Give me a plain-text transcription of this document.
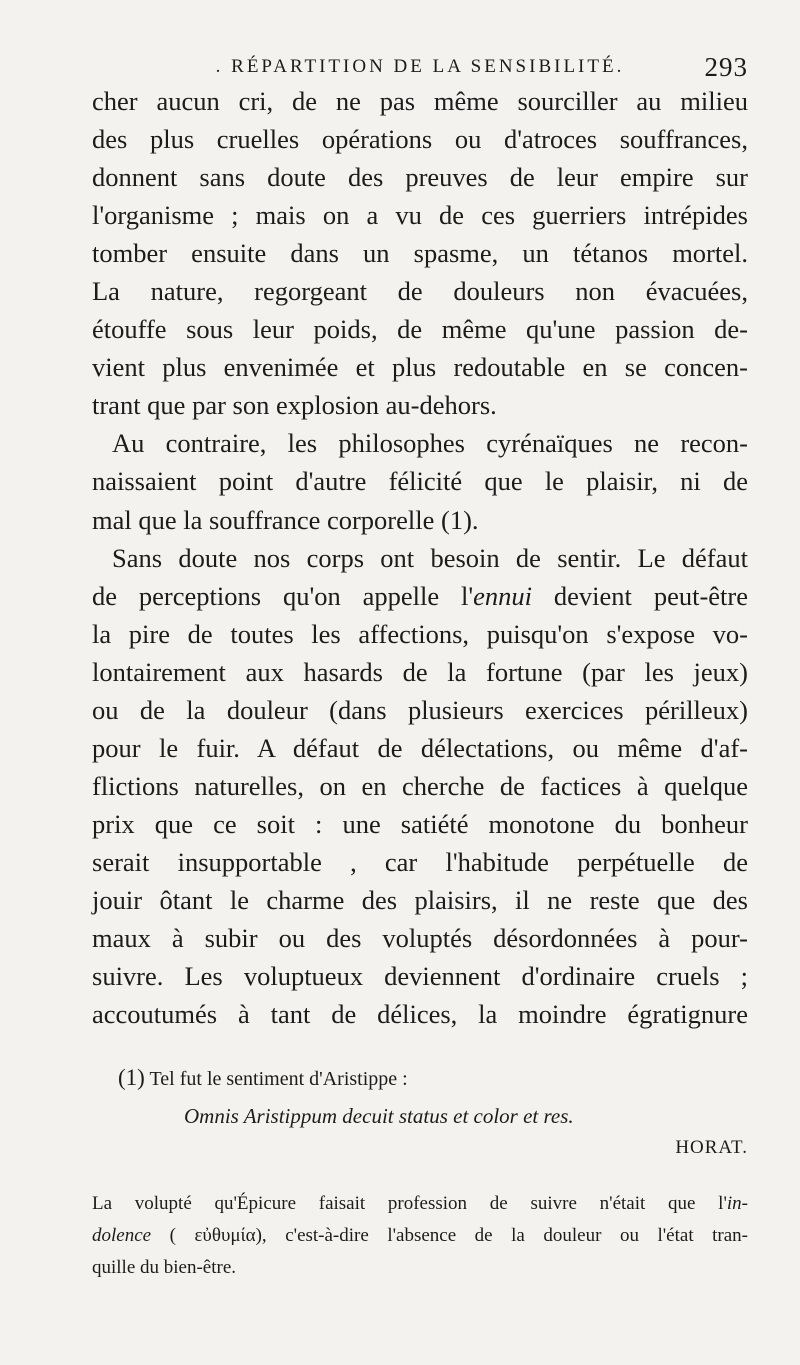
. RÉPARTITION DE LA SENSIBILITÉ.	293
cher aucun cri, de ne pas même sourciller au milieu
des plus cruelles opérations ou d'atroces souffrances,
donnent sans doute des preuves de leur empire sur
l'organisme ; mais on a vu de ces guerriers intrépides
tomber ensuite dans un spasme, un tétanos mortel.
La nature, regorgeant de douleurs non évacuées,
étouffe sous leur poids, de même qu'une passion de-
vient plus envenimée et plus redoutable en se concen-
trant que par son explosion au-dehors.
Au contraire, les philosophes cyrénaïques ne recon-
naissaient point d'autre félicité que le plaisir, ni de
mal que la souffrance corporelle (1).
Sans doute nos corps ont besoin de sentir. Le défaut
de perceptions qu'on appelle l'ennui devient peut-être
la pire de toutes les affections, puisqu'on s'expose vo-
lontairement aux hasards de la fortune (par les jeux)
ou de la douleur (dans plusieurs exercices périlleux)
pour le fuir. A défaut de délectations, ou même d'af-
flictions naturelles, on en cherche de factices à quelque
prix que ce soit : une satiété monotone du bonheur
serait insupportable , car l'habitude perpétuelle de
jouir ôtant le charme des plaisirs, il ne reste que des
maux à subir ou des voluptés désordonnées à pour-
suivre. Les voluptueux deviennent d'ordinaire cruels ;
accoutumés à tant de délices, la moindre égratignure
(1) Tel fut le sentiment d'Aristippe :
Omnis Aristippum decuit status et color et res.
HORAT.
La volupté qu'Épicure faisait profession de suivre n'était que l'in-
dolence ( εὐθυμία), c'est-à-dire l'absence de la douleur ou l'état tran-
quille du bien-être.
